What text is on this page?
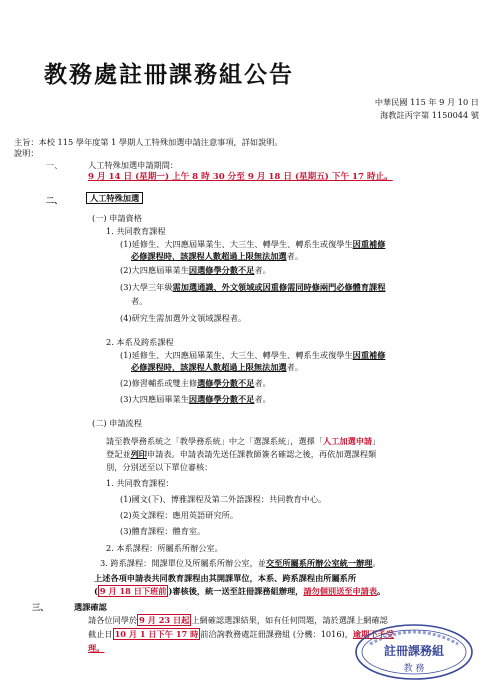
教務處註冊課務組公告
中華民國 115 年 9 月 10 日
海教註丙字第 1150044 號
主旨：本校 115 學年度第 1 學期人工特殊加選申請注意事項，詳如說明。
說明：
一、	人工特殊加選申請期間：
9 月 14 日 (星期一) 上午 8 時 30 分至 9 月 18 日 (星期五) 下午 17 時止。
二、	人工特殊加選
(一) 申請資格
1. 共同教育課程
(1)延修生、大四應屆畢業生、大三生、轉學生、轉系生或復學生因重補修
必修課程時，該課程人數超過上限無法加選者。
(2)大四應屆畢業生因選修學分數不足者。
(3)大學三年級需加選通識、外文領域或因重修需同時修兩門必修體育課程
者。
(4)研究生需加選外文領域課程者。
2. 本系及跨系課程
(1)延修生、大四應屆畢業生、大三生、轉學生、轉系生或復學生因重補修
必修課程時，該課程人數超過上限無法加選者。
(2)修習輔系或雙主修選修學分數不足者。
(3)大四應屆畢業生因選修學分數不足者。
(二) 申請流程
請至教學務系統之「教學務系統」中之「選課系統」，選擇「人工加選申請」
登記並列印申請表。申請表請先送任課教師簽名確認之後，再依加選課程類
別，分別送至以下單位審核：
1. 共同教育課程：
(1)國文(下)、博雅課程及第二外語課程：共同教育中心。
(2)英文課程：應用英語研究所。
(3)體育課程：體育室。
2. 本系課程：所屬系所辦公室。
3. 跨系課程：開課單位及所屬系所辦公室，並交至所屬系所辦公室統一辦理。
上述各項申請表共同教育課程由其開課單位，本系、跨系課程由所屬系所
( 9 月 18 日下班前 )審核後，統一送至註冊課務組辦理，請勿個別送至申請表。
三、	選課確認
請各位同學於 9 月 23 日起 上網確認選課結果，如有任何問題，請於選課上網確認
截止日 10 月 1 日下午 17 時 前洽詢教務處註冊課務組 (分機：1016)，逾期不予受
理。	註冊課務組
教 務
